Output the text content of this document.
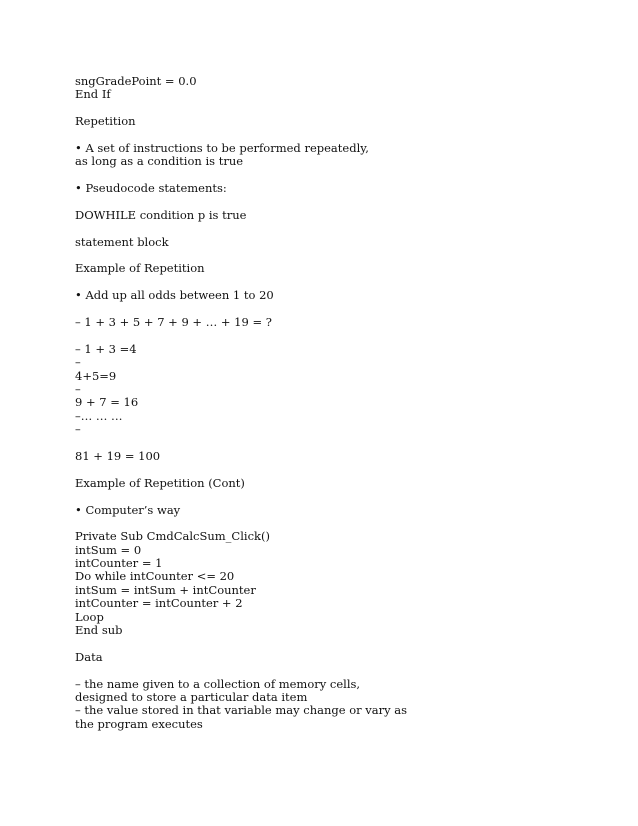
sngGradePoint = 0.0
End If
Repetition
• A set of instructions to be performed repeatedly,
as long as a condition is true
• Pseudocode statements:
DOWHILE condition p is true
statement block
Example of Repetition
• Add up all odds between 1 to 20
– 1 + 3 + 5 + 7 + 9 + … + 19 = ?
– 1 + 3 =4
–
4+5=9
–
9 + 7 = 16
–… … …
–
81 + 19 = 100
Example of Repetition (Cont)
• Computer’s way
Private Sub CmdCalcSum_Click()
intSum = 0
intCounter = 1
Do while intCounter <= 20
intSum = intSum + intCounter
intCounter = intCounter + 2
Loop
End sub
Data
– the name given to a collection of memory cells,
designed to store a particular data item
– the value stored in that variable may change or vary as
the program executes
